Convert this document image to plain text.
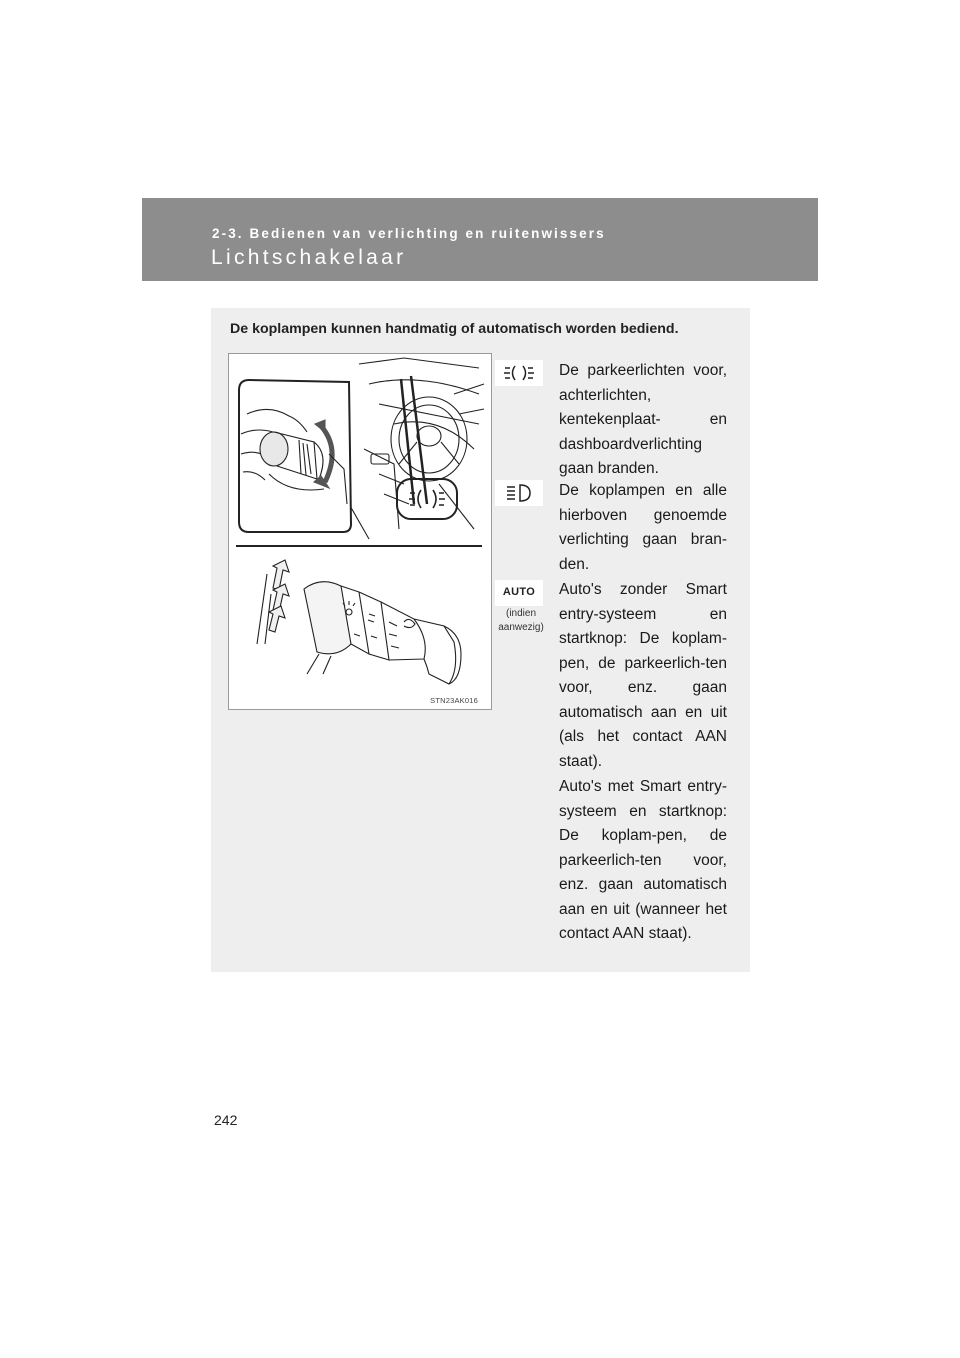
2-3. Bedienen van verlichting en ruitenwissers
Lichtschakelaar
De koplampen kunnen handmatig of automatisch worden bediend.
STN23AK016
De parkeerlichten voor, achterlichten, kentekenplaat- en dashboardverlichting gaan branden.
De koplampen en alle hierboven genoemde verlichting gaan bran-den.
AUTO
(indien aanwezig)
Auto's zonder Smart entry-systeem en startknop: De koplam-pen, de parkeerlich-ten voor, enz. gaan automatisch aan en uit (als het contact AAN staat).
Auto's met Smart entry-systeem en startknop: De koplam-pen, de parkeerlich-ten voor, enz. gaan automatisch aan en uit (wanneer het contact AAN staat).
242
